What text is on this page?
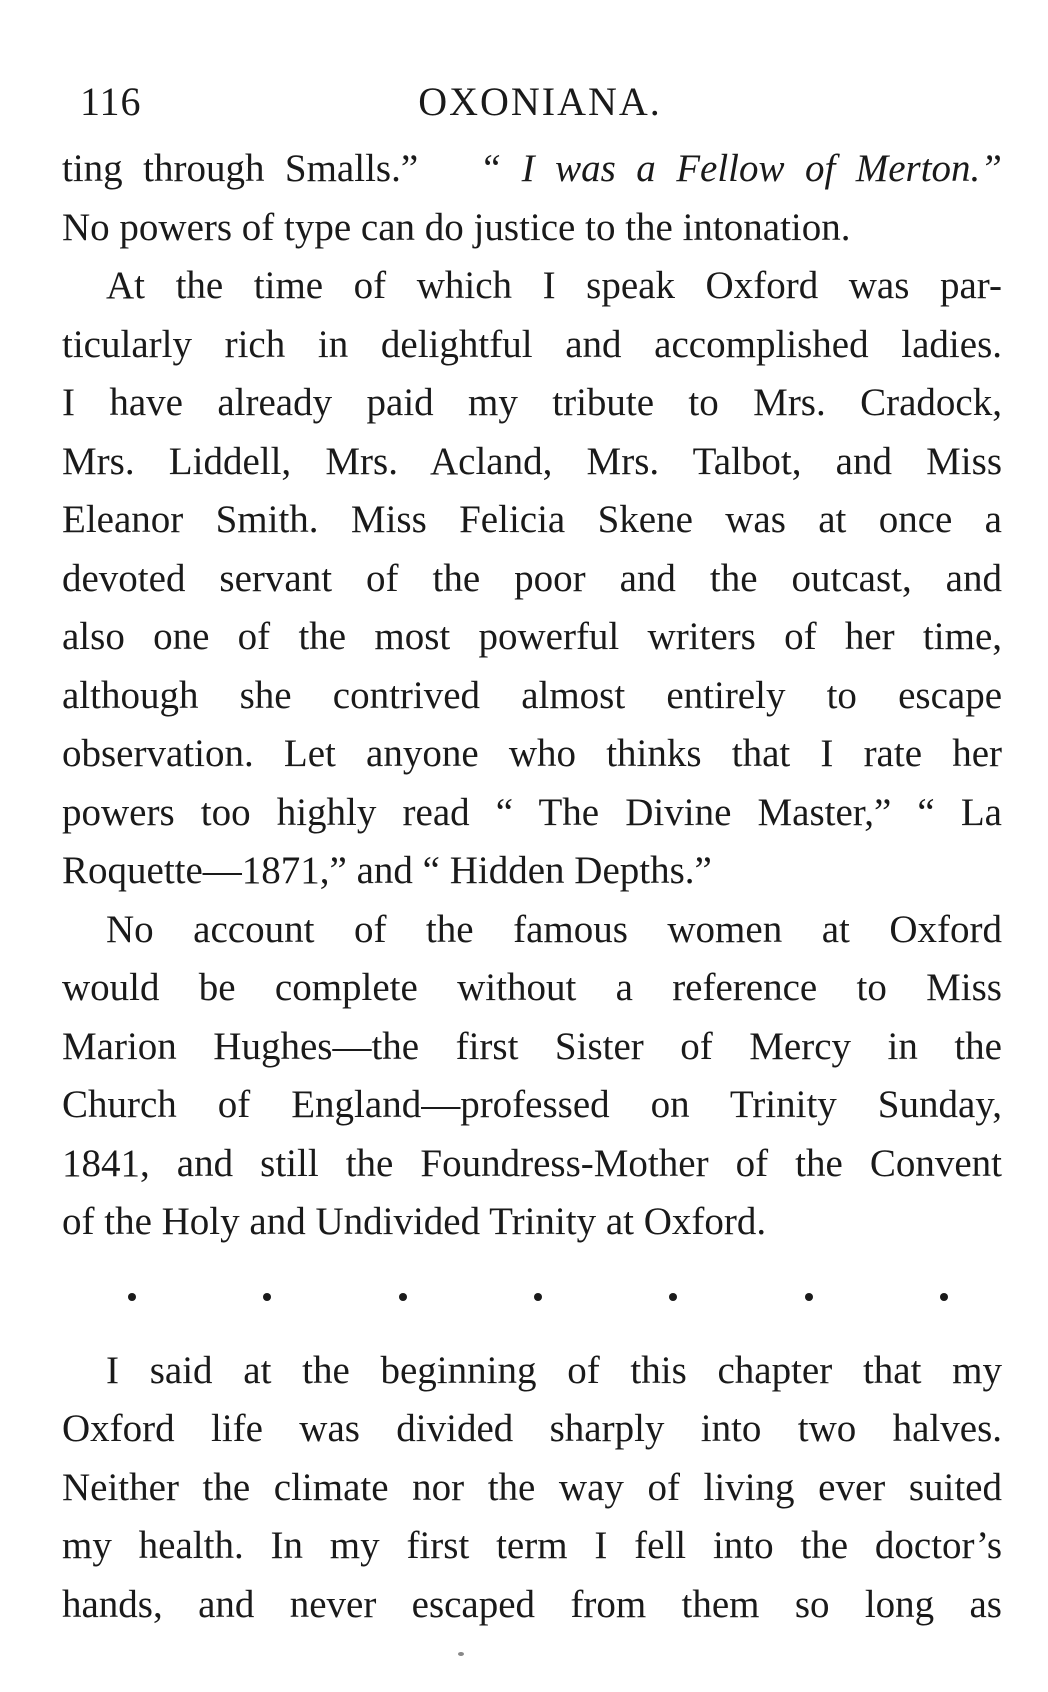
116	OXONIANA.
ting through Smalls.” “ I was a Fellow of Merton.”
No powers of type can do justice to the intonation.
At the time of which I speak Oxford was par-
ticularly rich in delightful and accomplished ladies.
I have already paid my tribute to Mrs. Cradock,
Mrs. Liddell, Mrs. Acland, Mrs. Talbot, and Miss
Eleanor Smith. Miss Felicia Skene was at once a
devoted servant of the poor and the outcast, and
also one of the most powerful writers of her time,
although she contrived almost entirely to escape
observation. Let anyone who thinks that I rate her
powers too highly read “ The Divine Master,” “ La
Roquette—1871,” and “ Hidden Depths.”
No account of the famous women at Oxford
would be complete without a reference to Miss
Marion Hughes—the first Sister of Mercy in the
Church of England—professed on Trinity Sunday,
1841, and still the Foundress-Mother of the Convent
of the Holy and Undivided Trinity at Oxford.
I said at the beginning of this chapter that my
Oxford life was divided sharply into two halves.
Neither the climate nor the way of living ever suited
my health. In my first term I fell into the doctor’s
hands, and never escaped from them so long as
